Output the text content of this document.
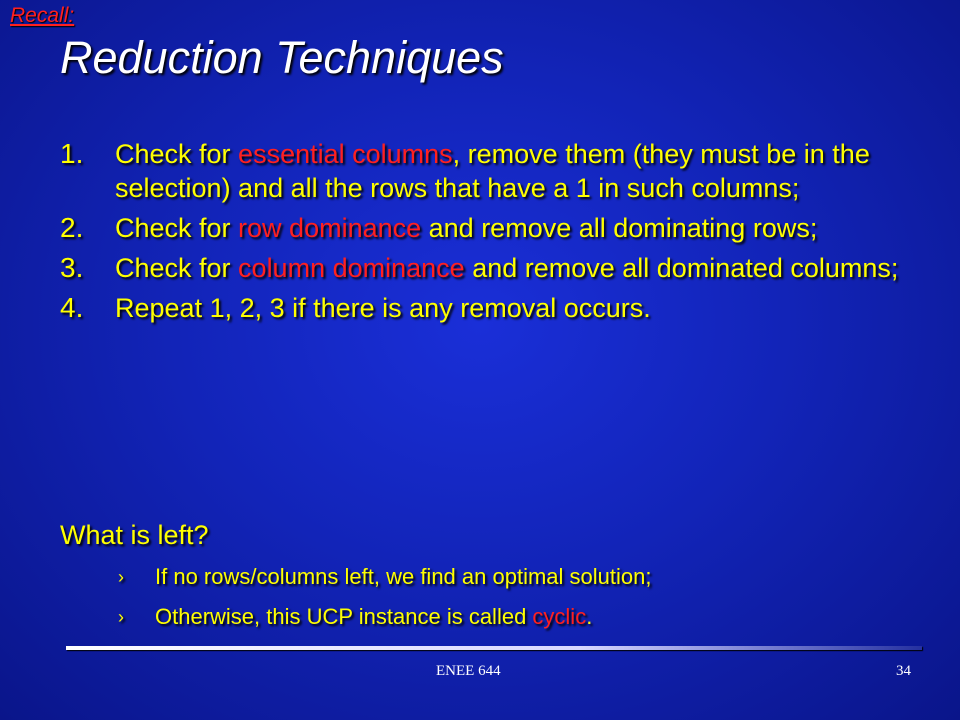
Recall:
Reduction Techniques
1. Check for essential columns, remove them (they must be in the selection) and all the rows that have a 1 in such columns;
2. Check for row dominance and remove all dominating rows;
3. Check for column dominance and remove all dominated columns;
4. Repeat 1, 2, 3 if there is any removal occurs.
What is left?
› If no rows/columns left, we find an optimal solution;
› Otherwise, this UCP instance is called cyclic.
ENEE 644	34
